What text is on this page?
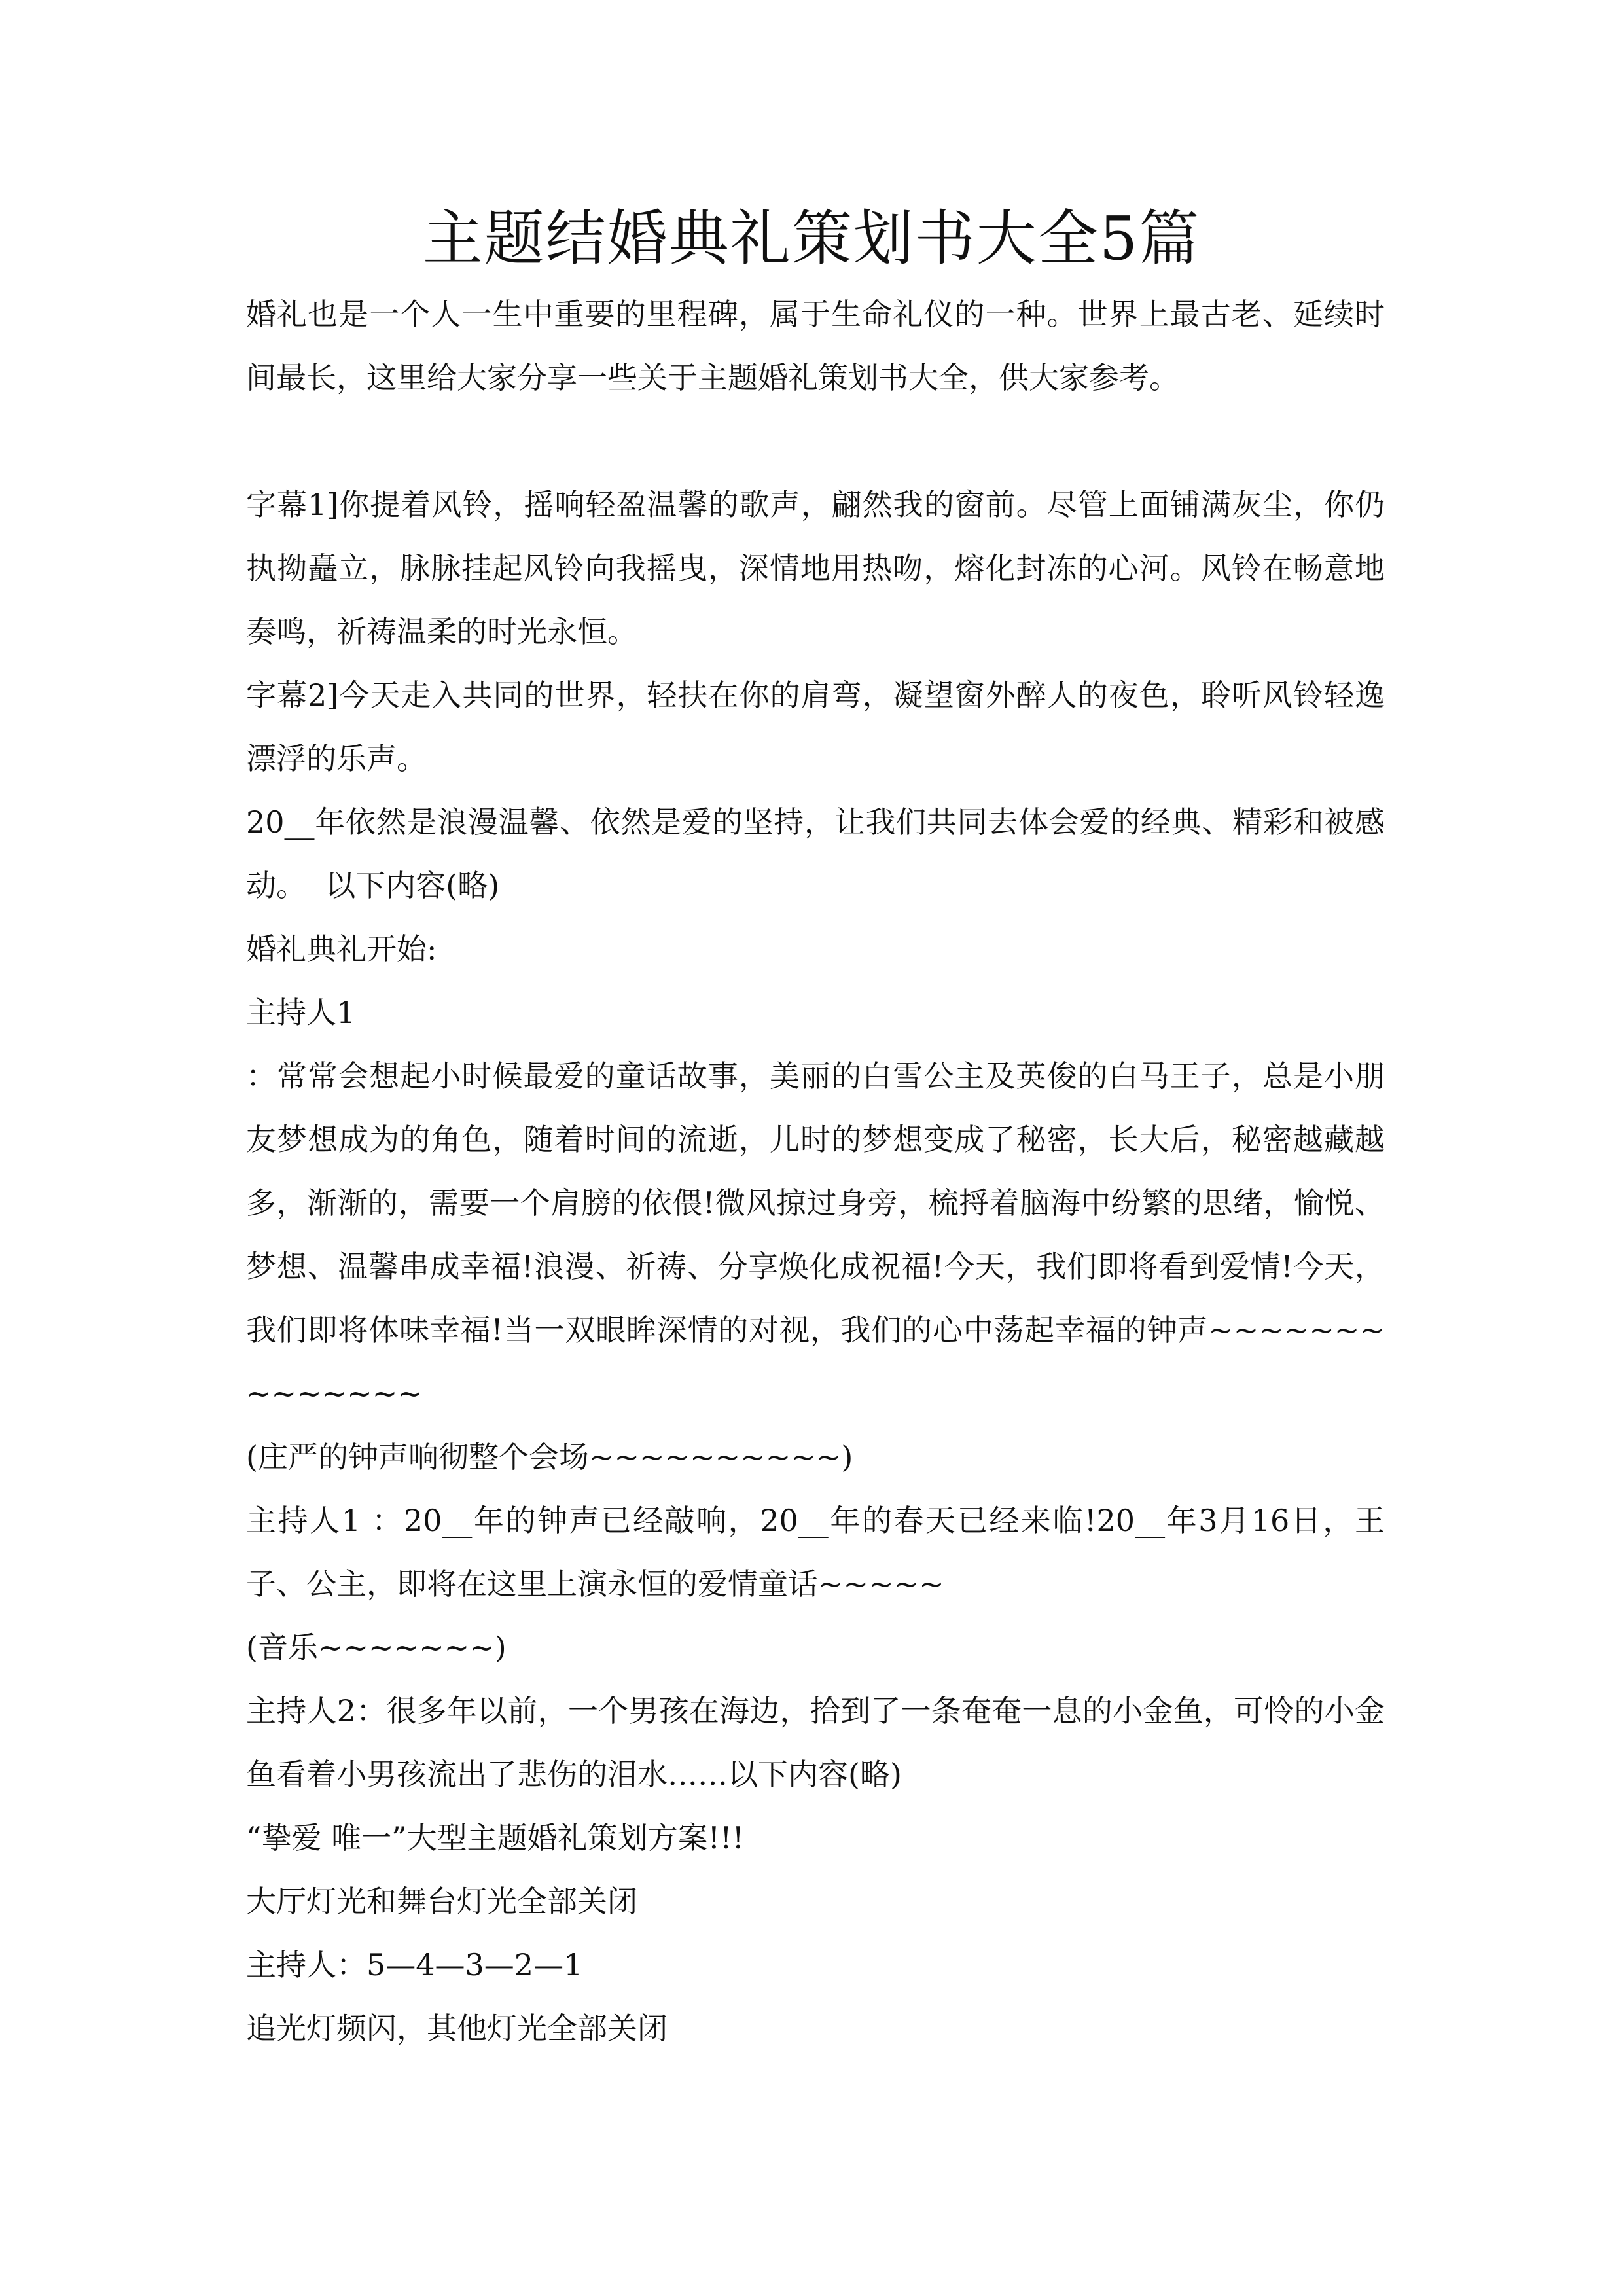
主题结婚典礼策划书大全5篇

婚礼也是一个人一生中重要的里程碑，属于生命礼仪的一种。世界上最古老、延续时间最长，这里给大家分享一些关于主题婚礼策划书大全，供大家参考。

字幕1]你提着风铃，摇响轻盈温馨的歌声，翩然我的窗前。尽管上面铺满灰尘，你仍执拗矗立，脉脉挂起风铃向我摇曳，深情地用热吻，熔化封冻的心河。风铃在畅意地奏鸣，祈祷温柔的时光永恒。

字幕2]今天走入共同的世界，轻扶在你的肩弯，凝望窗外醉人的夜色，聆听风铃轻逸漂浮的乐声。

20__年依然是浪漫温馨、依然是爱的坚持，让我们共同去体会爱的经典、精彩和被感动。  以下内容(略)

婚礼典礼开始:

主持人1

：常常会想起小时候最爱的童话故事，美丽的白雪公主及英俊的白马王子，总是小朋友梦想成为的角色，随着时间的流逝，儿时的梦想变成了秘密，长大后，秘密越藏越多，渐渐的，需要一个肩膀的依偎!微风掠过身旁，梳捋着脑海中纷繁的思绪，愉悦、梦想、温馨串成幸福!浪漫、祈祷、分享焕化成祝福!今天，我们即将看到爱情!今天，我们即将体味幸福!当一双眼眸深情的对视，我们的心中荡起幸福的钟声~~~~~~~~~~~~~~

(庄严的钟声响彻整个会场~~~~~~~~~~)

主持人1 ：20__年的钟声已经敲响，20__年的春天已经来临!20__年3月16日，王子、公主，即将在这里上演永恒的爱情童话~~~~~

(音乐~~~~~~~)

主持人2：很多年以前，一个男孩在海边，拾到了一条奄奄一息的小金鱼，可怜的小金鱼看着小男孩流出了悲伤的泪水……以下内容(略)

“挚爱 唯一”大型主题婚礼策划方案!!!

大厅灯光和舞台灯光全部关闭

主持人：5—4—3—2—1

追光灯频闪，其他灯光全部关闭
